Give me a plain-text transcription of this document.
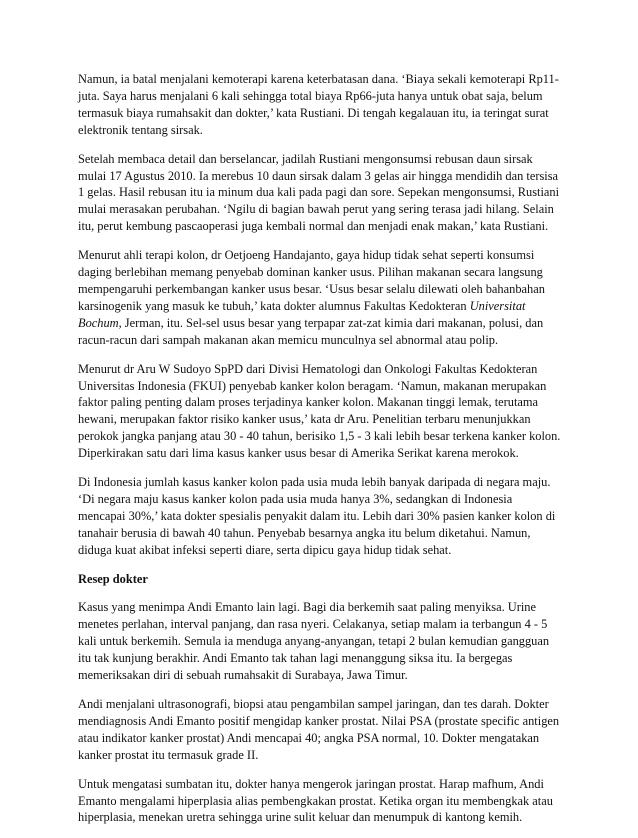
Namun, ia batal menjalani kemoterapi karena keterbatasan dana. ‘Biaya sekali kemoterapi Rp11-
juta. Saya harus menjalani 6 kali sehingga total biaya Rp66-juta hanya untuk obat saja, belum
termasuk biaya rumahsakit dan dokter,’ kata Rustiani. Di tengah kegalauan itu, ia teringat surat
elektronik tentang sirsak.

Setelah membaca detail dan berselancar, jadilah Rustiani mengonsumsi rebusan daun sirsak
mulai 17 Agustus 2010. Ia merebus 10 daun sirsak dalam 3 gelas air hingga mendidih dan tersisa
1 gelas. Hasil rebusan itu ia minum dua kali pada pagi dan sore. Sepekan mengonsumsi, Rustiani
mulai merasakan perubahan. ‘Ngilu di bagian bawah perut yang sering terasa jadi hilang. Selain
itu, perut kembung pascaoperasi juga kembali normal dan menjadi enak makan,’ kata Rustiani.

Menurut ahli terapi kolon, dr Oetjoeng Handajanto, gaya hidup tidak sehat seperti konsumsi
daging berlebihan memang penyebab dominan kanker usus. Pilihan makanan secara langsung
mempengaruhi perkembangan kanker usus besar. ‘Usus besar selalu dilewati oleh bahanbahan
karsinogenik yang masuk ke tubuh,’ kata dokter alumnus Fakultas Kedokteran Universitat
Bochum, Jerman, itu. Sel-sel usus besar yang terpapar zat-zat kimia dari makanan, polusi, dan
racun-racun dari sampah makanan akan memicu munculnya sel abnormal atau polip.

Menurut dr Aru W Sudoyo SpPD dari Divisi Hematologi dan Onkologi Fakultas Kedokteran
Universitas Indonesia (FKUI) penyebab kanker kolon beragam. ‘Namun, makanan merupakan
faktor paling penting dalam proses terjadinya kanker kolon. Makanan tinggi lemak, terutama
hewani, merupakan faktor risiko kanker usus,’ kata dr Aru. Penelitian terbaru menunjukkan
perokok jangka panjang atau 30 - 40 tahun, berisiko 1,5 - 3 kali lebih besar terkena kanker kolon.
Diperkirakan satu dari lima kasus kanker usus besar di Amerika Serikat karena merokok.

Di Indonesia jumlah kasus kanker kolon pada usia muda lebih banyak daripada di negara maju.
‘Di negara maju kasus kanker kolon pada usia muda hanya 3%, sedangkan di Indonesia
mencapai 30%,’ kata dokter spesialis penyakit dalam itu. Lebih dari 30% pasien kanker kolon di
tanahair berusia di bawah 40 tahun. Penyebab besarnya angka itu belum diketahui. Namun,
diduga kuat akibat infeksi seperti diare, serta dipicu gaya hidup tidak sehat.

Resep dokter

Kasus yang menimpa Andi Emanto lain lagi. Bagi dia berkemih saat paling menyiksa. Urine
menetes perlahan, interval panjang, dan rasa nyeri. Celakanya, setiap malam ia terbangun 4 - 5
kali untuk berkemih. Semula ia menduga anyang-anyangan, tetapi 2 bulan kemudian gangguan
itu tak kunjung berakhir. Andi Emanto tak tahan lagi menanggung siksa itu. Ia bergegas
memeriksakan diri di sebuah rumahsakit di Surabaya, Jawa Timur.

Andi menjalani ultrasonografi, biopsi atau pengambilan sampel jaringan, dan tes darah. Dokter
mendiagnosis Andi Emanto positif mengidap kanker prostat. Nilai PSA (prostate specific antigen
atau indikator kanker prostat) Andi mencapai 40; angka PSA normal, 10. Dokter mengatakan
kanker prostat itu termasuk grade II.

Untuk mengatasi sumbatan itu, dokter hanya mengerok jaringan prostat. Harap mafhum, Andi
Emanto mengalami hiperplasia alias pembengkakan prostat. Ketika organ itu membengkak atau
hiperplasia, menekan uretra sehingga urine sulit keluar dan menumpuk di kantong kemih.
